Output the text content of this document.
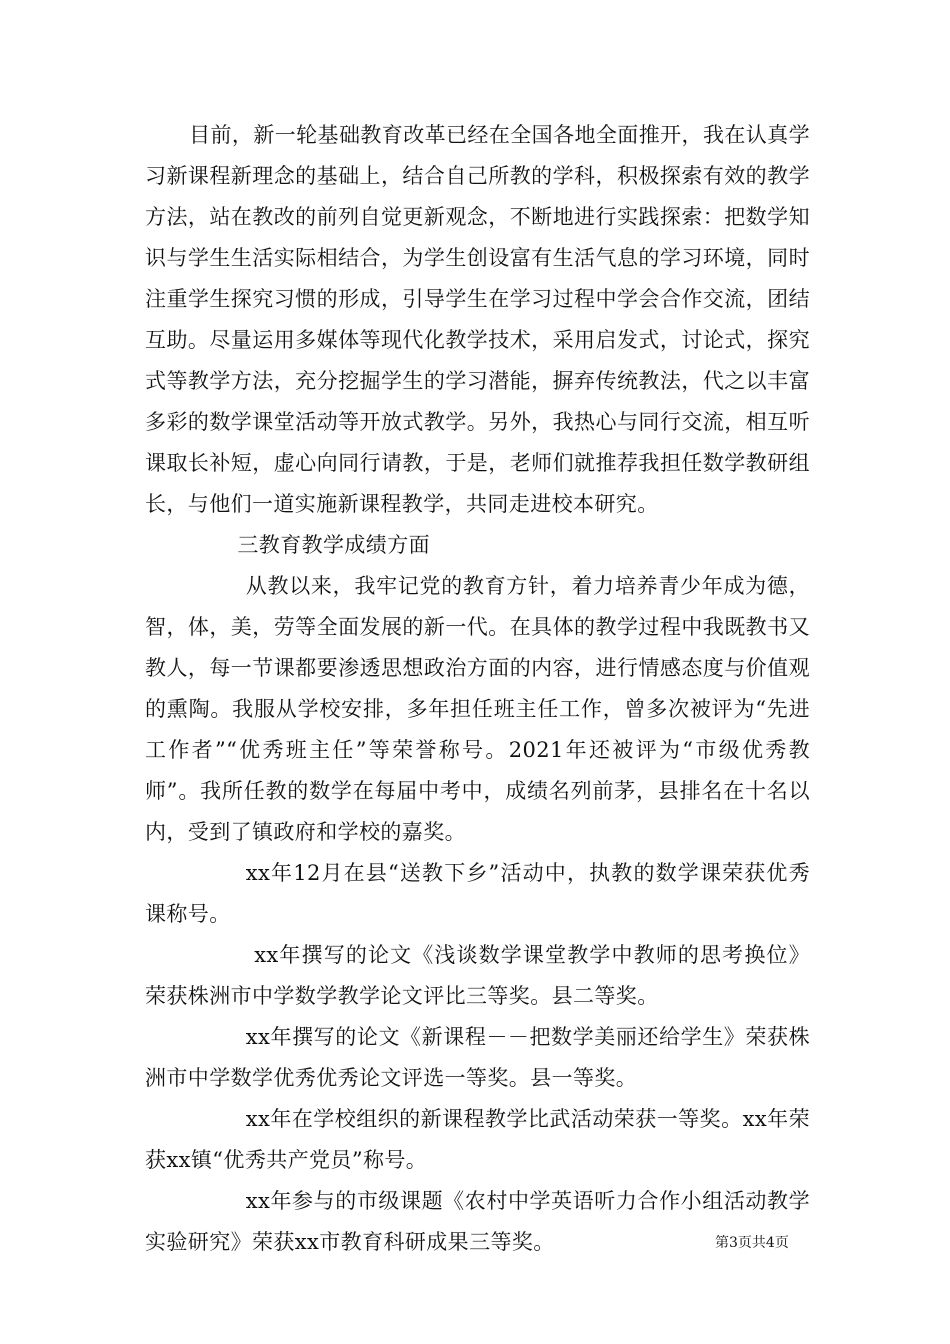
目前，新一轮基础教育改革已经在全国各地全面推开，我在认真学习新课程新理念的基础上，结合自己所教的学科，积极探索有效的教学方法，站在教改的前列自觉更新观念，不断地进行实践探索：把数学知识与学生生活实际相结合，为学生创设富有生活气息的学习环境，同时注重学生探究习惯的形成，引导学生在学习过程中学会合作交流，团结互助。尽量运用多媒体等现代化教学技术，采用启发式，讨论式，探究式等教学方法，充分挖掘学生的学习潜能，摒弃传统教法，代之以丰富多彩的数学课堂活动等开放式教学。另外，我热心与同行交流，相互听课取长补短，虚心向同行请教，于是，老师们就推荐我担任数学教研组长，与他们一道实施新课程教学，共同走进校本研究。

三教育教学成绩方面

从教以来，我牢记党的教育方针，着力培养青少年成为德，智，体，美，劳等全面发展的新一代。在具体的教学过程中我既教书又教人，每一节课都要渗透思想政治方面的内容，进行情感态度与价值观的熏陶。我服从学校安排，多年担任班主任工作，曾多次被评为“先进工作者”“优秀班主任”等荣誉称号。2021年还被评为“市级优秀教师”。我所任教的数学在每届中考中，成绩名列前茅，县排名在十名以内，受到了镇政府和学校的嘉奖。

xx年12月在县“送教下乡”活动中，执教的数学课荣获优秀课称号。

xx年撰写的论文《浅谈数学课堂教学中教师的思考换位》荣获株洲市中学数学教学论文评比三等奖。县二等奖。

xx年撰写的论文《新课程－－把数学美丽还给学生》荣获株洲市中学数学优秀优秀论文评选一等奖。县一等奖。

xx年在学校组织的新课程教学比武活动荣获一等奖。xx年荣获xx镇“优秀共产党员”称号。

xx年参与的市级课题《农村中学英语听力合作小组活动教学实验研究》荣获xx市教育科研成果三等奖。	第3页共4页
